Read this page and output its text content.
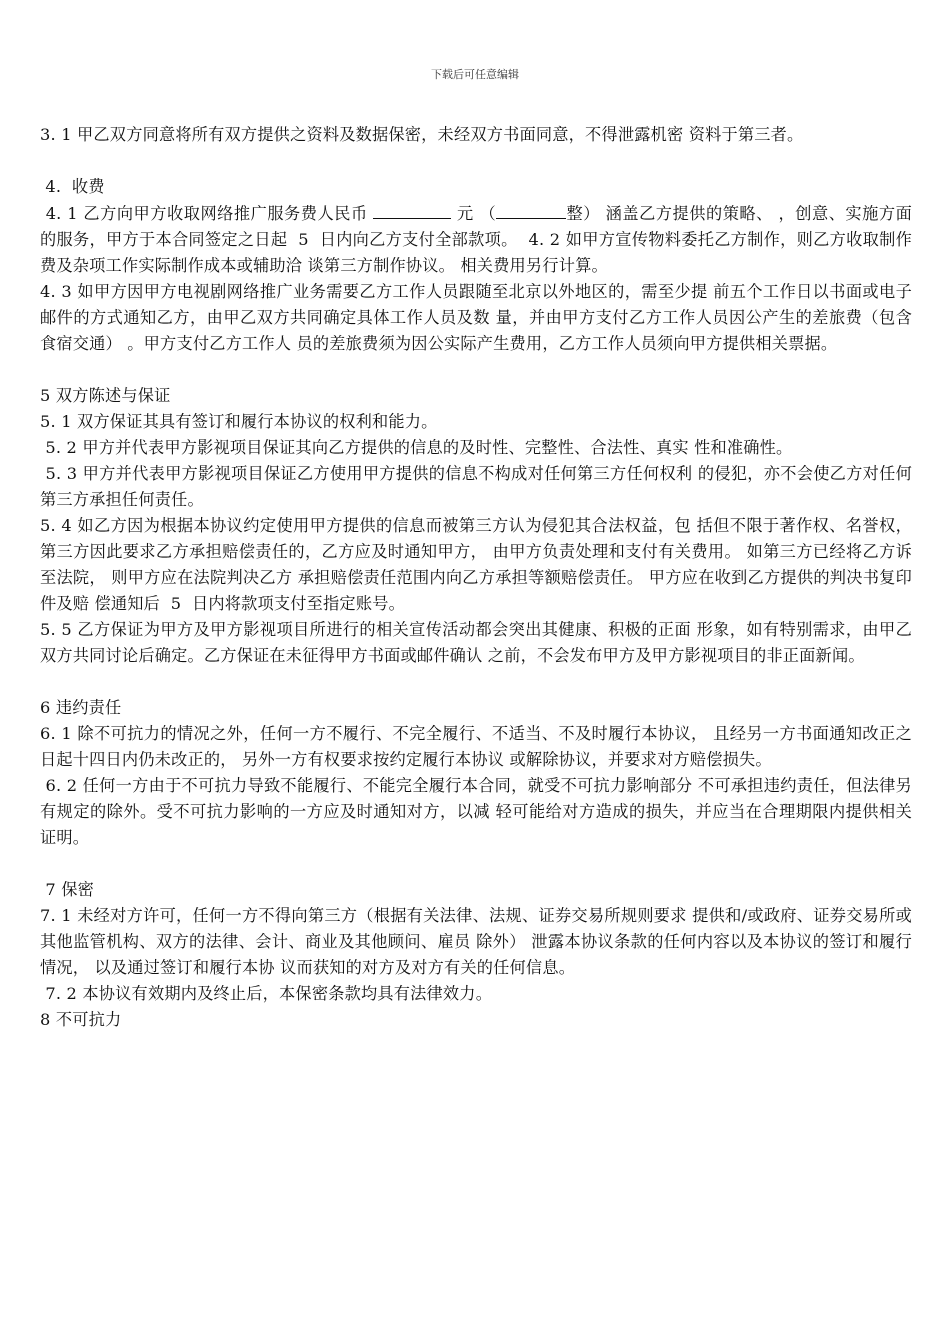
下载后可任意编辑

3. 1 甲乙双方同意将所有双方提供之资料及数据保密，未经双方书面同意，不得泄露机密 资料于第三者。

4.  收费

4. 1 乙方向甲方收取网络推广服务费人民币	元 （	整） 涵盖乙方提供的策略、 ，创意、实施方面的服务，甲方于本合同签定之日起  5  日内向乙方支付全部款项。  4. 2 如甲方宣传物料委托乙方制作，则乙方收取制作费及杂项工作实际制作成本或辅助洽 谈第三方制作协议。 相关费用另行计算。

4. 3 如甲方因甲方电视剧网络推广业务需要乙方工作人员跟随至北京以外地区的，需至少提 前五个工作日以书面或电子邮件的方式通知乙方，由甲乙双方共同确定具体工作人员及数 量，并由甲方支付乙方工作人员因公产生的差旅费（包含食宿交通） 。甲方支付乙方工作人 员的差旅费须为因公实际产生费用，乙方工作人员须向甲方提供相关票据。

5 双方陈述与保证

5. 1 双方保证其具有签订和履行本协议的权利和能力。

5. 2 甲方并代表甲方影视项目保证其向乙方提供的信息的及时性、完整性、合法性、真实 性和准确性。

5. 3 甲方并代表甲方影视项目保证乙方使用甲方提供的信息不构成对任何第三方任何权利 的侵犯，亦不会使乙方对任何第三方承担任何责任。

5. 4 如乙方因为根据本协议约定使用甲方提供的信息而被第三方认为侵犯其合法权益，包 括但不限于著作权、名誉权，第三方因此要求乙方承担赔偿责任的，乙方应及时通知甲方， 由甲方负责处理和支付有关费用。 如第三方已经将乙方诉至法院， 则甲方应在法院判决乙方 承担赔偿责任范围内向乙方承担等额赔偿责任。 甲方应在收到乙方提供的判决书复印件及赔 偿通知后  5  日内将款项支付至指定账号。

5. 5 乙方保证为甲方及甲方影视项目所进行的相关宣传活动都会突出其健康、积极的正面 形象，如有特别需求，由甲乙双方共同讨论后确定。乙方保证在未征得甲方书面或邮件确认 之前，不会发布甲方及甲方影视项目的非正面新闻。

6 违约责任

6. 1 除不可抗力的情况之外，任何一方不履行、不完全履行、不适当、不及时履行本协议， 且经另一方书面通知改正之日起十四日内仍未改正的， 另外一方有权要求按约定履行本协议 或解除协议，并要求对方赔偿损失。

6. 2 任何一方由于不可抗力导致不能履行、不能完全履行本合同，就受不可抗力影响部分 不可承担违约责任，但法律另有规定的除外。受不可抗力影响的一方应及时通知对方，以减 轻可能给对方造成的损失，并应当在合理期限内提供相关证明。

7 保密

7. 1 未经对方许可，任何一方不得向第三方（根据有关法律、法规、证券交易所规则要求 提供和/或政府、证券交易所或其他监管机构、双方的法律、会计、商业及其他顾问、雇员 除外） 泄露本协议条款的任何内容以及本协议的签订和履行情况， 以及通过签订和履行本协 议而获知的对方及对方有关的任何信息。

7. 2 本协议有效期内及终止后，本保密条款均具有法律效力。

8 不可抗力
